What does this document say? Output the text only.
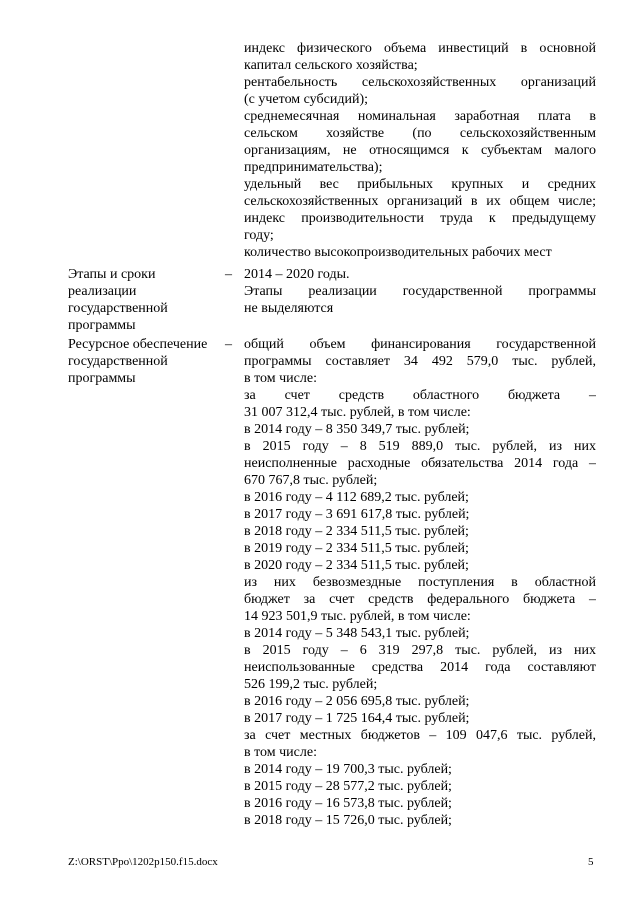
индекс физического объема инвестиций в основной
капитал сельского хозяйства;
рентабельность сельскохозяйственных организаций
(с учетом субсидий);
среднемесячная номинальная заработная плата в
сельском хозяйстве (по сельскохозяйственным
организациям, не относящимся к субъектам малого
предпринимательства);
удельный вес прибыльных крупных и средних
сельскохозяйственных организаций в их общем числе;
индекс производительности труда к предыдущему
году;
количество высокопроизводительных рабочих мест
Этапы и сроки	–
реализации
государственной
программы
2014 – 2020 годы.
Этапы реализации государственной программы
не выделяются
Ресурсное обеспечение –
государственной
программы
общий объем финансирования государственной
программы составляет 34 492 579,0 тыс. рублей,
в том числе:
за счет средств областного бюджета –
31 007 312,4 тыс. рублей, в том числе:
в 2014 году – 8 350 349,7 тыс. рублей;
в 2015 году – 8 519 889,0 тыс. рублей, из них
неисполненные расходные обязательства 2014 года –
670 767,8 тыс. рублей;
в 2016 году – 4 112 689,2 тыс. рублей;
в 2017 году – 3 691 617,8 тыс. рублей;
в 2018 году – 2 334 511,5 тыс. рублей;
в 2019 году – 2 334 511,5 тыс. рублей;
в 2020 году – 2 334 511,5 тыс. рублей;
из них безвозмездные поступления в областной
бюджет за счет средств федерального бюджета –
14 923 501,9 тыс. рублей, в том числе:
в 2014 году – 5 348 543,1 тыс. рублей;
в 2015 году – 6 319 297,8 тыс. рублей, из них
неиспользованные средства 2014 года составляют
526 199,2 тыс. рублей;
в 2016 году – 2 056 695,8 тыс. рублей;
в 2017 году – 1 725 164,4 тыс. рублей;
за счет местных бюджетов – 109 047,6 тыс. рублей,
в том числе:
в 2014 году – 19 700,3 тыс. рублей;
в 2015 году – 28 577,2 тыс. рублей;
в 2016 году – 16 573,8 тыс. рублей;
в 2018 году – 15 726,0 тыс. рублей;
Z:\ORST\Ppo\1202p150.f15.docx	5
